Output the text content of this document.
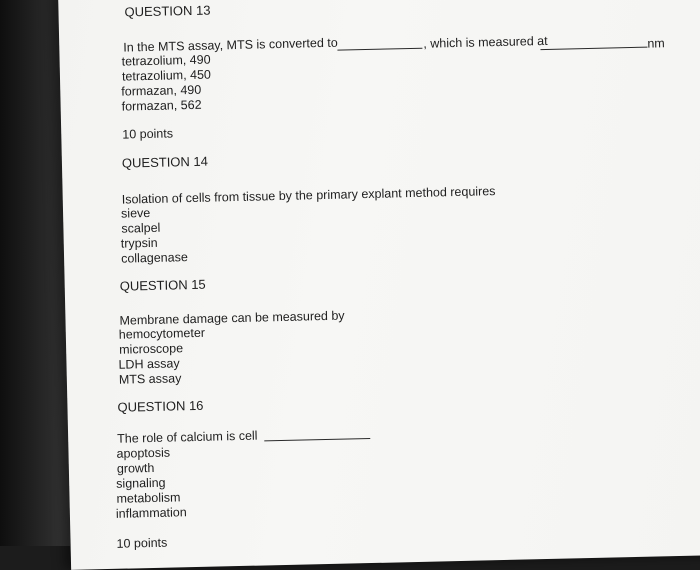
QUESTION 13
In the MTS assay, MTS is converted to	, which is measured at	nm
tetrazolium, 490
tetrazolium, 450
formazan, 490
formazan, 562
10 points
QUESTION 14
Isolation of cells from tissue by the primary explant method requires
sieve
scalpel
trypsin
collagenase
QUESTION 15
Membrane damage can be measured by
hemocytometer
microscope
LDH assay
MTS assay
QUESTION 16
The role of calcium is cell
apoptosis
growth
signaling
metabolism
inflammation
10 points
